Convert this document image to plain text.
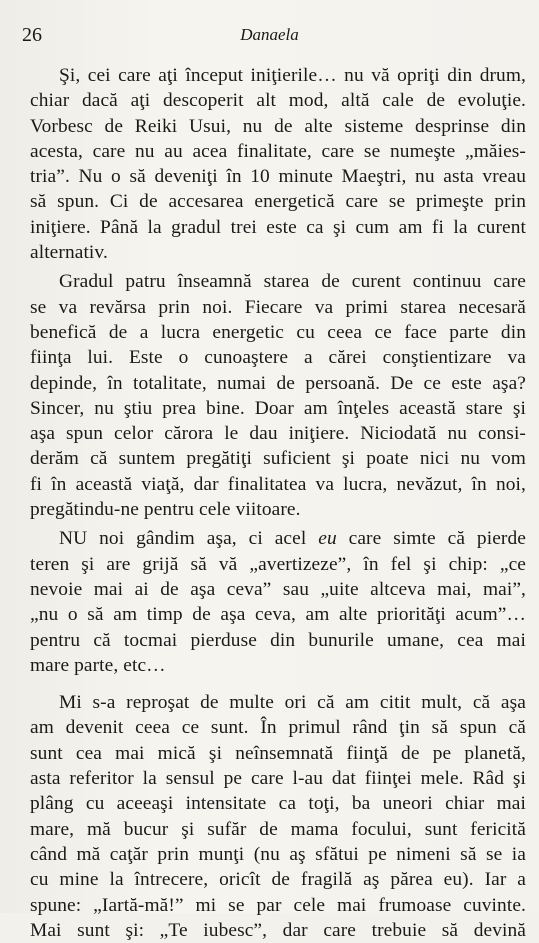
26	Danaela

Şi, cei care aţi început iniţierile… nu vă opriţi din drum,
chiar dacă aţi descoperit alt mod, altă cale de evoluţie.
Vorbesc de Reiki Usui, nu de alte sisteme desprinse din
acesta, care nu au acea finalitate, care se numeşte „măies-
tria”. Nu o să deveniţi în 10 minute Maeştri, nu asta vreau
să spun. Ci de accesarea energetică care se primeşte prin
iniţiere. Până la gradul trei este ca şi cum am fi la curent
alternativ.

Gradul patru înseamnă starea de curent continuu care
se va revărsa prin noi. Fiecare va primi starea necesară
benefică de a lucra energetic cu ceea ce face parte din
fiinţa lui. Este o cunoaştere a cărei conştientizare va
depinde, în totalitate, numai de persoană. De ce este aşa?
Sincer, nu ştiu prea bine. Doar am înţeles această stare şi
aşa spun celor cărora le dau iniţiere. Niciodată nu consi-
derăm că suntem pregătiţi suficient şi poate nici nu vom
fi în această viaţă, dar finalitatea va lucra, nevăzut, în noi,
pregătindu-ne pentru cele viitoare.

NU noi gândim aşa, ci acel eu care simte că pierde
teren şi are grijă să vă „avertizeze”, în fel şi chip: „ce
nevoie mai ai de aşa ceva” sau „uite altceva mai, mai”,
„nu o să am timp de aşa ceva, am alte priorităţi acum”…
pentru că tocmai pierduse din bunurile umane, cea mai
mare parte, etc…

Mi s-a reproşat de multe ori că am citit mult, că aşa
am devenit ceea ce sunt. În primul rând ţin să spun că
sunt cea mai mică şi neînsemnată fiinţă de pe planetă,
asta referitor la sensul pe care l-au dat fiinţei mele. Râd şi
plâng cu aceeaşi intensitate ca toţi, ba uneori chiar mai
mare, mă bucur şi sufăr de mama focului, sunt fericită
când mă caţăr prin munţi (nu aş sfătui pe nimeni să se ia
cu mine la întrecere, oricît de fragilă aş părea eu). Iar a
spune: „Iartă-mă!” mi se par cele mai frumoase cuvinte.
Mai sunt şi: „Te iubesc”, dar care trebuie să devină
